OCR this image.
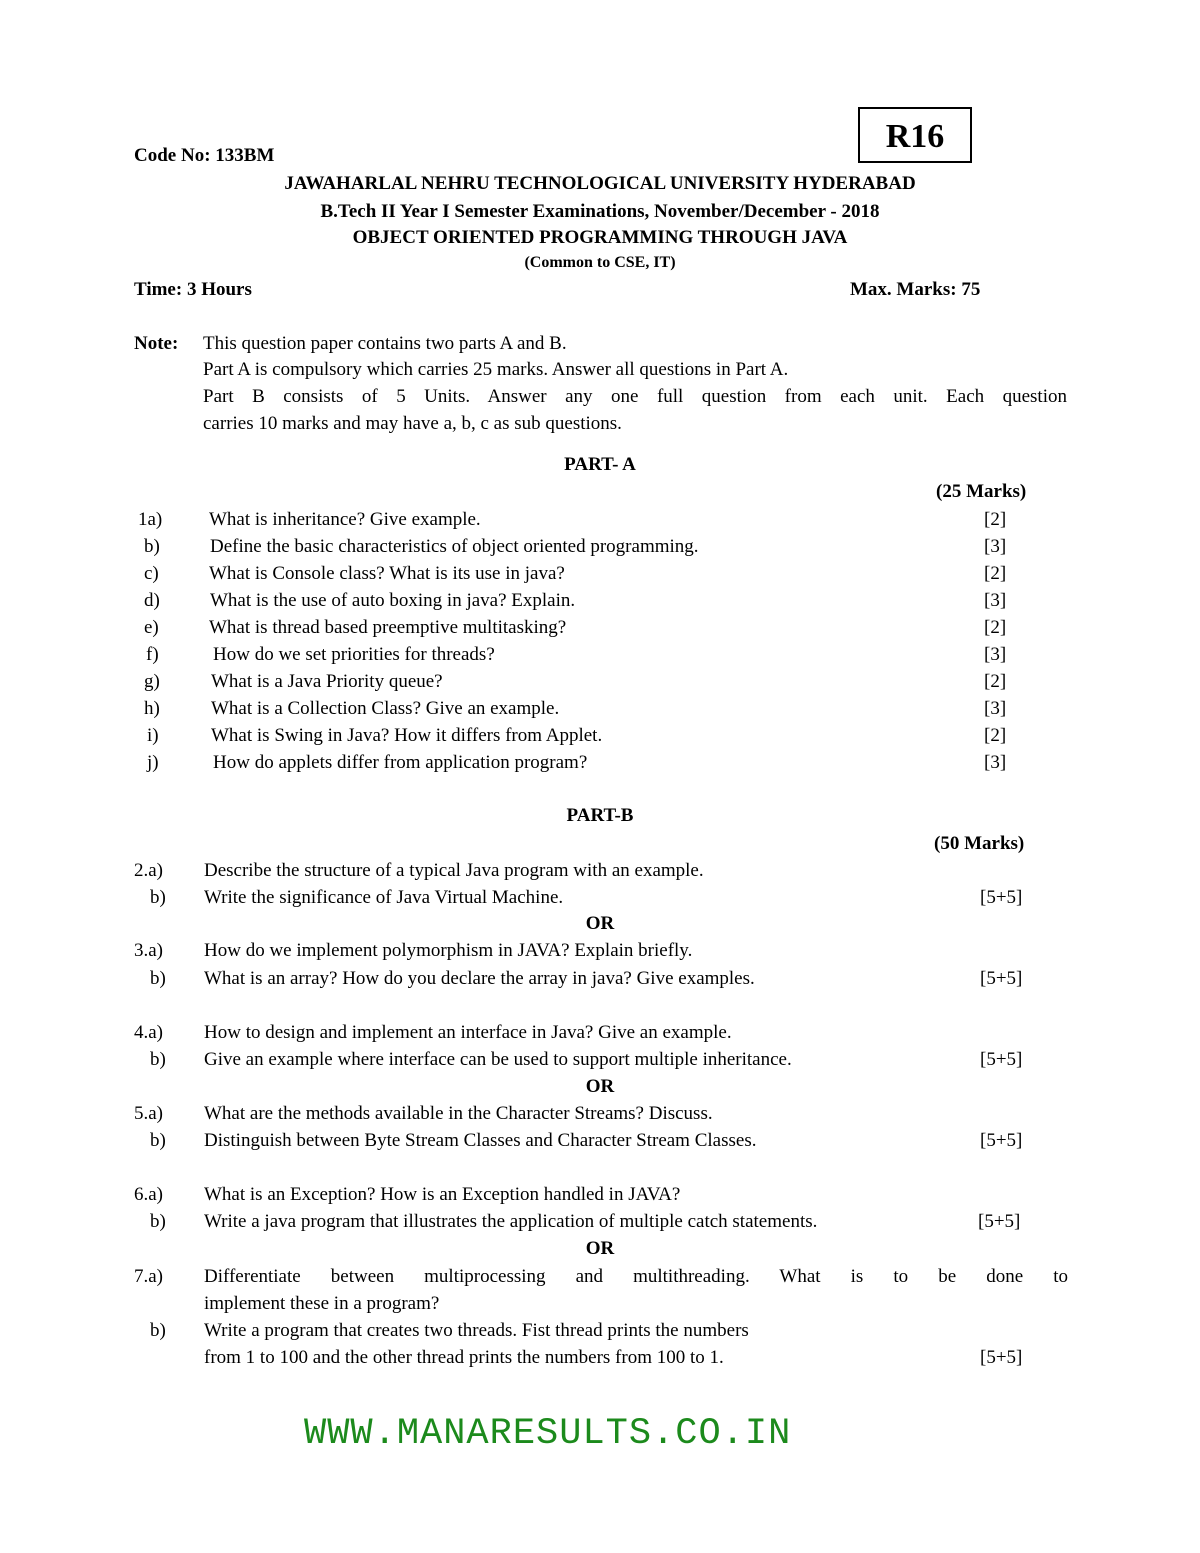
Code No: 133BM
R16
JAWAHARLAL NEHRU TECHNOLOGICAL UNIVERSITY HYDERABAD
B.Tech II Year I Semester Examinations, November/December - 2018
OBJECT ORIENTED PROGRAMMING THROUGH JAVA
(Common to CSE, IT)
Time: 3 Hours	Max. Marks: 75
Note: This question paper contains two parts A and B.
Part A is compulsory which carries 25 marks. Answer all questions in Part A.
Part B consists of 5 Units. Answer any one full question from each unit. Each question
carries 10 marks and may have a, b, c as sub questions.
PART- A
(25 Marks)
1a) What is inheritance? Give example.	[2]
b)	Define the basic characteristics of object oriented programming.	[3]
c)	What is Console class? What is its use in java?	[2]
d)	What is the use of auto boxing in java? Explain.	[3]
e)	What is thread based preemptive multitasking?	[2]
f)	How do we set priorities for threads?	[3]
g)	What is a Java Priority queue?	[2]
h)	What is a Collection Class? Give an example.	[3]
i)	What is Swing in Java? How it differs from Applet.	[2]
j)	How do applets differ from application program?	[3]
PART-B
(50 Marks)
2.a) Describe the structure of a typical Java program with an example.
b) Write the significance of Java Virtual Machine.	[5+5]
3.a) How do we implement polymorphism in JAVA? Explain briefly.
b) What is an array? How do you declare the array in java? Give examples.	[5+5]
4.a) How to design and implement an interface in Java? Give an example.
b) Give an example where interface can be used to support multiple inheritance.	[5+5]
5.a) What are the methods available in the Character Streams? Discuss.
b) Distinguish between Byte Stream Classes and Character Stream Classes.	[5+5]
6.a) What is an Exception? How is an Exception handled in JAVA?
b) Write a java program that illustrates the application of multiple catch statements.	[5+5]
7.a) Differentiate between multiprocessing and multithreading. What is to be done to
implement these in a program?
b) Write a program that creates two threads. Fist thread prints the numbers
from 1 to 100 and the other thread prints the numbers from 100 to 1.	[5+5]
OR
OR
OR
WWW.MANARESULTS.CO.IN
